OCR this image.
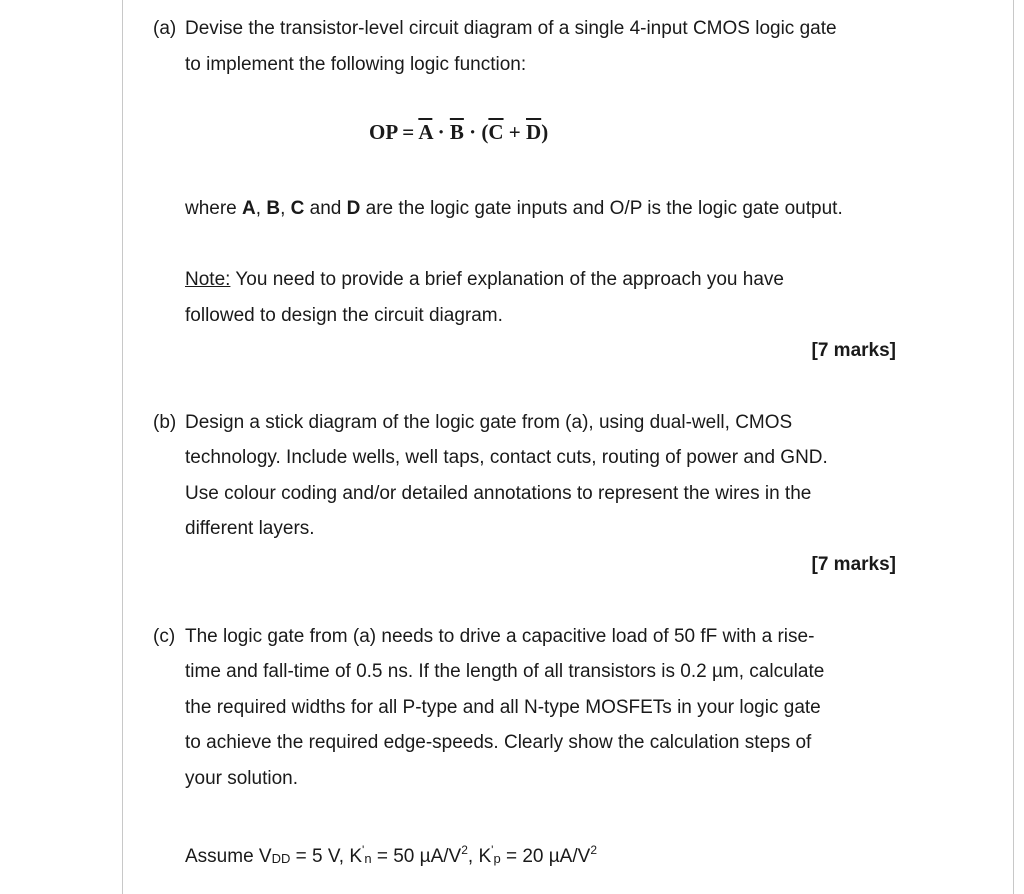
(a) Devise the transistor-level circuit diagram of a single 4-input CMOS logic gate
to implement the following logic function:
OP = $\overline{A} \cdot \overline{B} \cdot (\overline{C} + \overline{D})$
where A, B, C and D are the logic gate inputs and O/P is the logic gate output.
Note: You need to provide a brief explanation of the approach you have
followed to design the circuit diagram.
[7 marks]
(b) Design a stick diagram of the logic gate from (a), using dual-well, CMOS
technology. Include wells, well taps, contact cuts, routing of power and GND.
Use colour coding and/or detailed annotations to represent the wires in the
different layers.
[7 marks]
(c) The logic gate from (a) needs to drive a capacitive load of 50 fF with a rise-
time and fall-time of 0.5 ns. If the length of all transistors is 0.2 µm, calculate
the required widths for all P-type and all N-type MOSFETs in your logic gate
to achieve the required edge-speeds. Clearly show the calculation steps of
your solution.
Assume VDD = 5 V, K'n = 50 $\mu A/V^2$, K'p = 20 $\mu A/V^2$
